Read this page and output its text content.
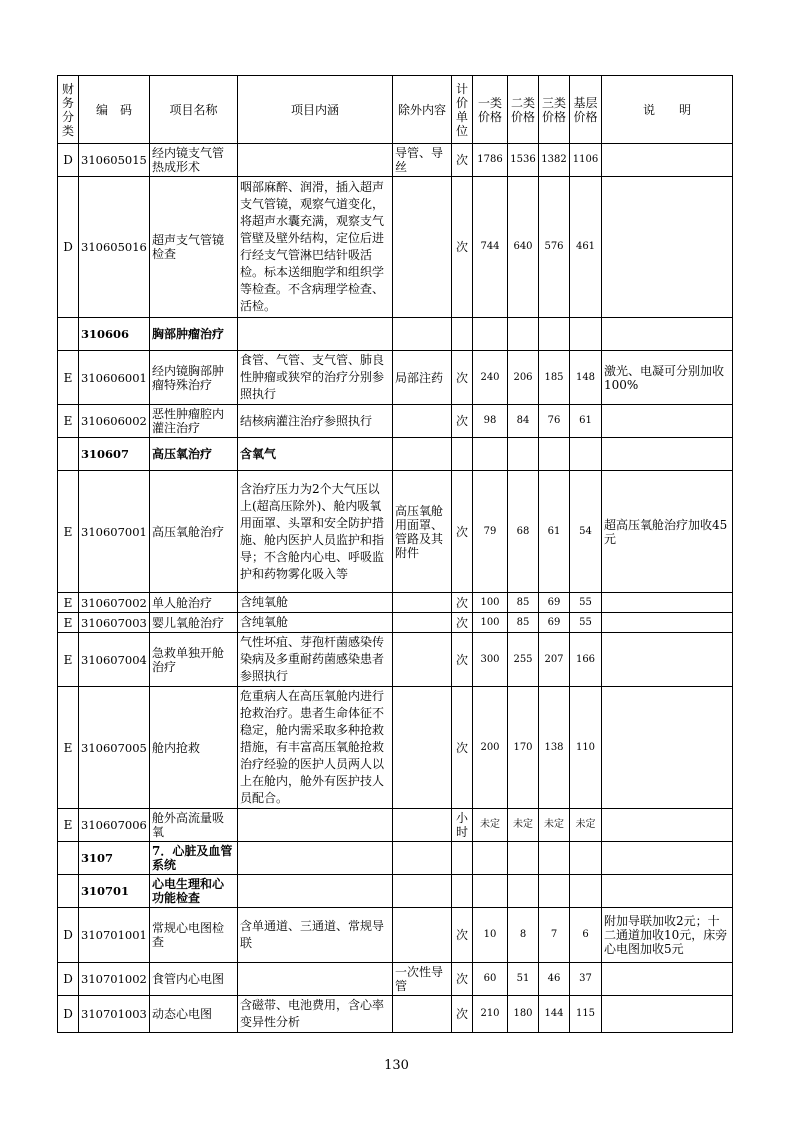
财务分类	编　码	项目名称	项目内涵	除外内容	计价单位	一类价格	二类价格	三类价格	基层价格	说　　明
D	310605015	经内镜支气管热成形术		导管、导丝	次	1786	1536	1382	1106	
D	310605016	超声支气管镜检查	咽部麻醉、润滑，插入超声支气管镜，观察气道变化，将超声水囊充满，观察支气管壁及壁外结构，定位后进行经支气管淋巴结针吸活检。标本送细胞学和组织学等检查。不含病理学检查、活检。		次	744	640	576	461	
	310606	胸部肿瘤治疗								
E	310606001	经内镜胸部肿瘤特殊治疗	食管、气管、支气管、肺良性肿瘤或狭窄的治疗分别参照执行	局部注药	次	240	206	185	148	激光、电凝可分别加收100%
E	310606002	恶性肿瘤腔内灌注治疗	结核病灌注治疗参照执行		次	98	84	76	61	
	310607	高压氧治疗	含氧气							
E	310607001	高压氧舱治疗	含治疗压力为2个大气压以上(超高压除外)、舱内吸氧用面罩、头罩和安全防护措施、舱内医护人员监护和指导；不含舱内心电、呼吸监护和药物雾化吸入等	高压氧舱用面罩、管路及其附件	次	79	68	61	54	超高压氧舱治疗加收45元
E	310607002	单人舱治疗	含纯氧舱		次	100	85	69	55	
E	310607003	婴儿氧舱治疗	含纯氧舱		次	100	85	69	55	
E	310607004	急救单独开舱治疗	气性坏疽、芽孢杆菌感染传染病及多重耐药菌感染患者参照执行		次	300	255	207	166	
E	310607005	舱内抢救	危重病人在高压氧舱内进行抢救治疗。患者生命体征不稳定，舱内需采取多种抢救措施，有丰富高压氧舱抢救治疗经验的医护人员两人以上在舱内，舱外有医护技人员配合。		次	200	170	138	110	
E	310607006	舱外高流量吸氧			小时	未定	未定	未定	未定	
	3107	7．心脏及血管系统								
	310701	心电生理和心功能检查								
D	310701001	常规心电图检查	含单通道、三通道、常规导联		次	10	8	7	6	附加导联加收2元；十二通道加收10元，床旁心电图加收5元
D	310701002	食管内心电图		一次性导管	次	60	51	46	37	
D	310701003	动态心电图	含磁带、电池费用，含心率变异性分析		次	210	180	144	115	
130
